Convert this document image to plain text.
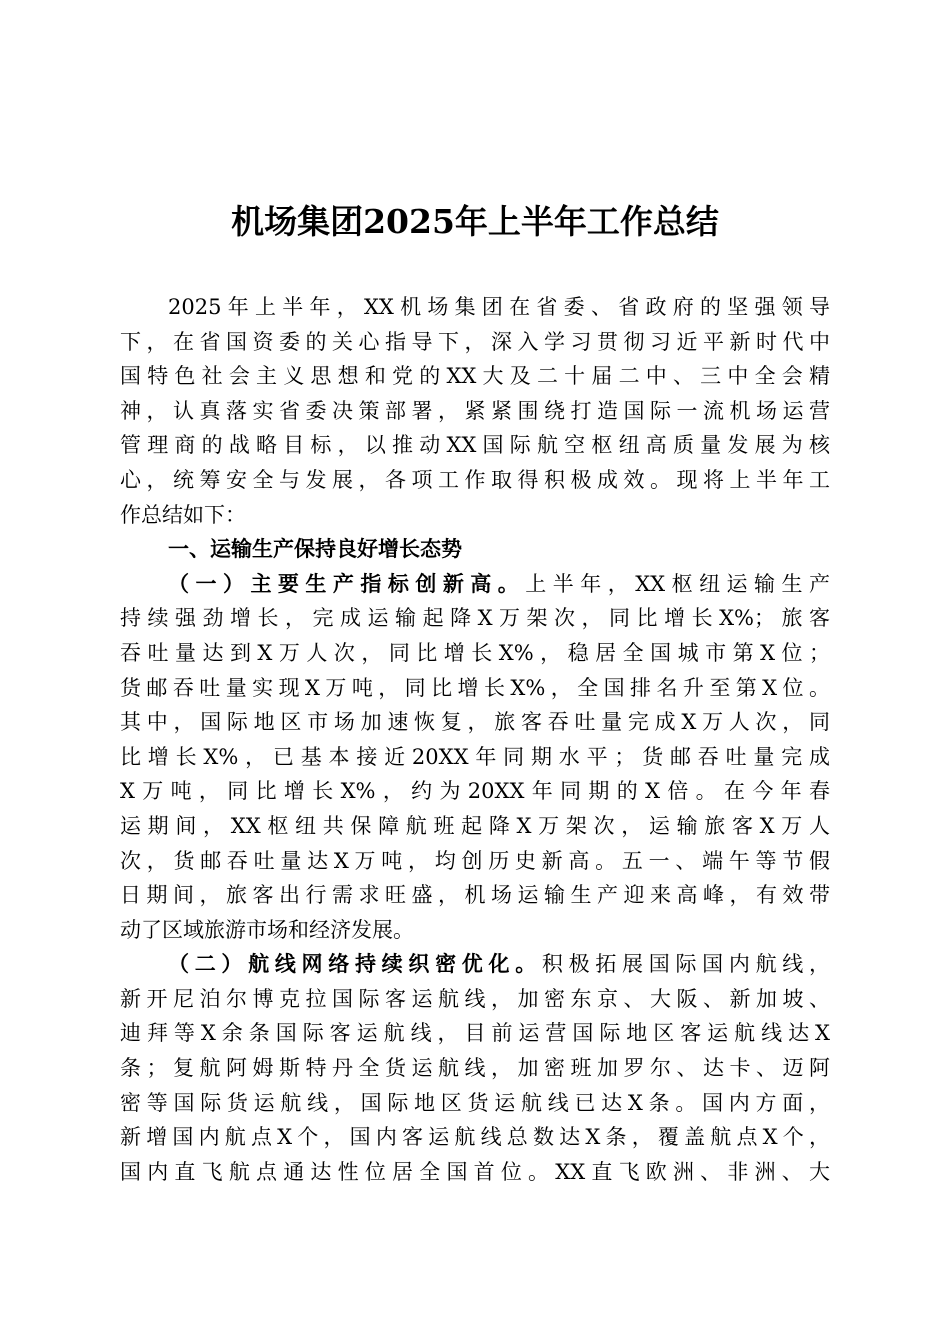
机场集团2025年上半年工作总结
2025年上半年，XX机场集团在省委、省政府的坚强领导
下，在省国资委的关心指导下，深入学习贯彻习近平新时代中
国特色社会主义思想和党的XX大及二十届二中、三中全会精
神，认真落实省委决策部署，紧紧围绕打造国际一流机场运营
管理商的战略目标，以推动XX国际航空枢纽高质量发展为核
心，统筹安全与发展，各项工作取得积极成效。现将上半年工
作总结如下：
一、运输生产保持良好增长态势
（一）主要生产指标创新高。上半年，XX枢纽运输生产
持续强劲增长，完成运输起降X万架次，同比增长X%；旅客
吞吐量达到X万人次，同比增长X%，稳居全国城市第X位；
货邮吞吐量实现X万吨，同比增长X%，全国排名升至第X位。
其中，国际地区市场加速恢复，旅客吞吐量完成X万人次，同
比增长X%，已基本接近20XX年同期水平；货邮吞吐量完成
X万吨，同比增长X%，约为20XX年同期的X倍。在今年春
运期间，XX枢纽共保障航班起降X万架次，运输旅客X万人
次，货邮吞吐量达X万吨，均创历史新高。五一、端午等节假
日期间，旅客出行需求旺盛，机场运输生产迎来高峰，有效带
动了区域旅游市场和经济发展。
（二）航线网络持续织密优化。积极拓展国际国内航线，
新开尼泊尔博克拉国际客运航线，加密东京、大阪、新加坡、
迪拜等X余条国际客运航线，目前运营国际地区客运航线达X
条；复航阿姆斯特丹全货运航线，加密班加罗尔、达卡、迈阿
密等国际货运航线，国际地区货运航线已达X条。国内方面，
新增国内航点X个，国内客运航线总数达X条，覆盖航点X个，
国内直飞航点通达性位居全国首位。XX直飞欧洲、非洲、大
